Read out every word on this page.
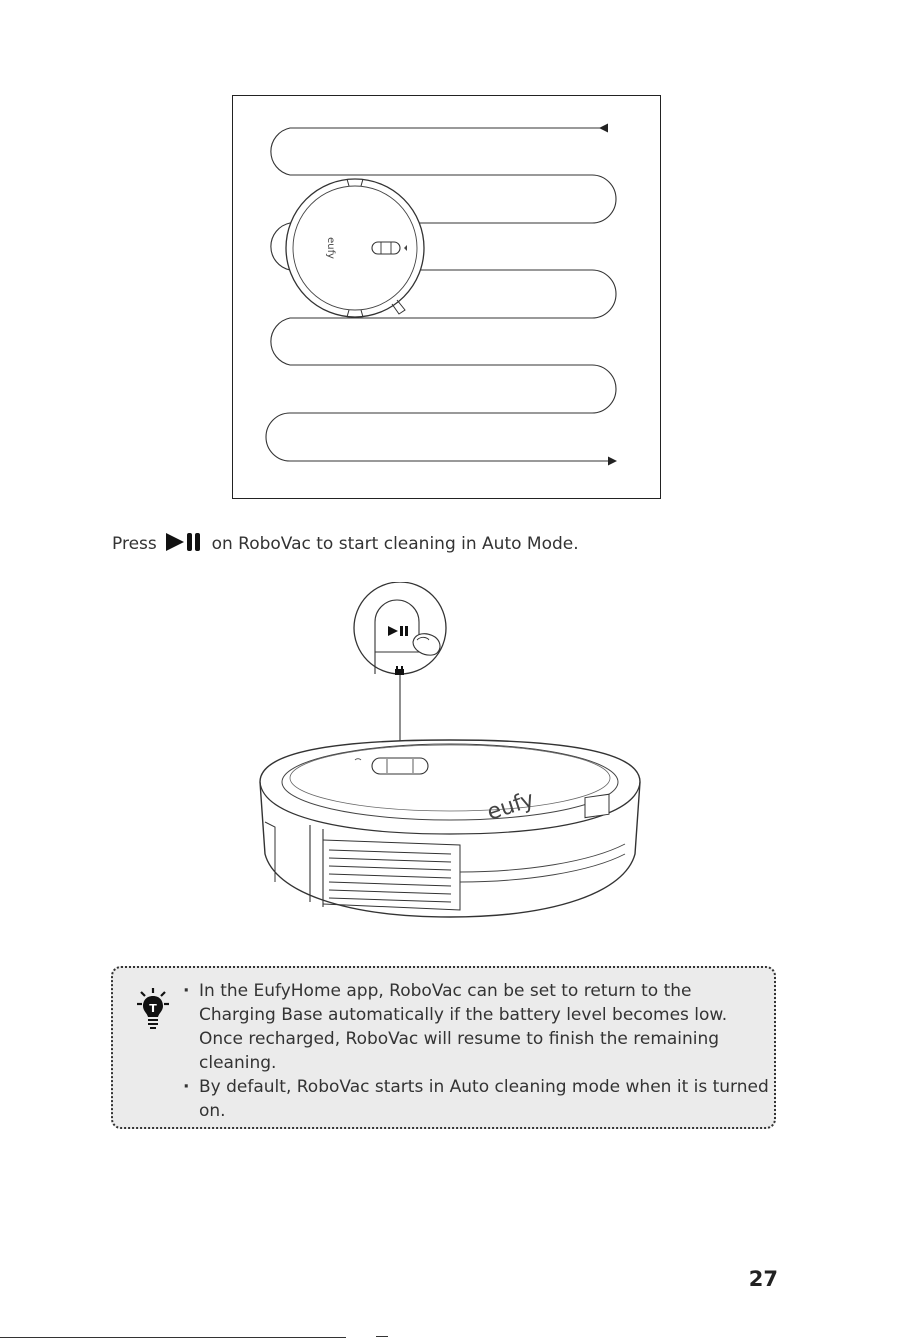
eufy
Press	on RoboVac to start cleaning in Auto Mode.
eufy
T
· In the EufyHome app, RoboVac can be set to return to the Charging Base automatically if the battery level becomes low. Once recharged, RoboVac will resume to finish the remaining cleaning.
· By default, RoboVac starts in Auto cleaning mode when it is turned on.
27
